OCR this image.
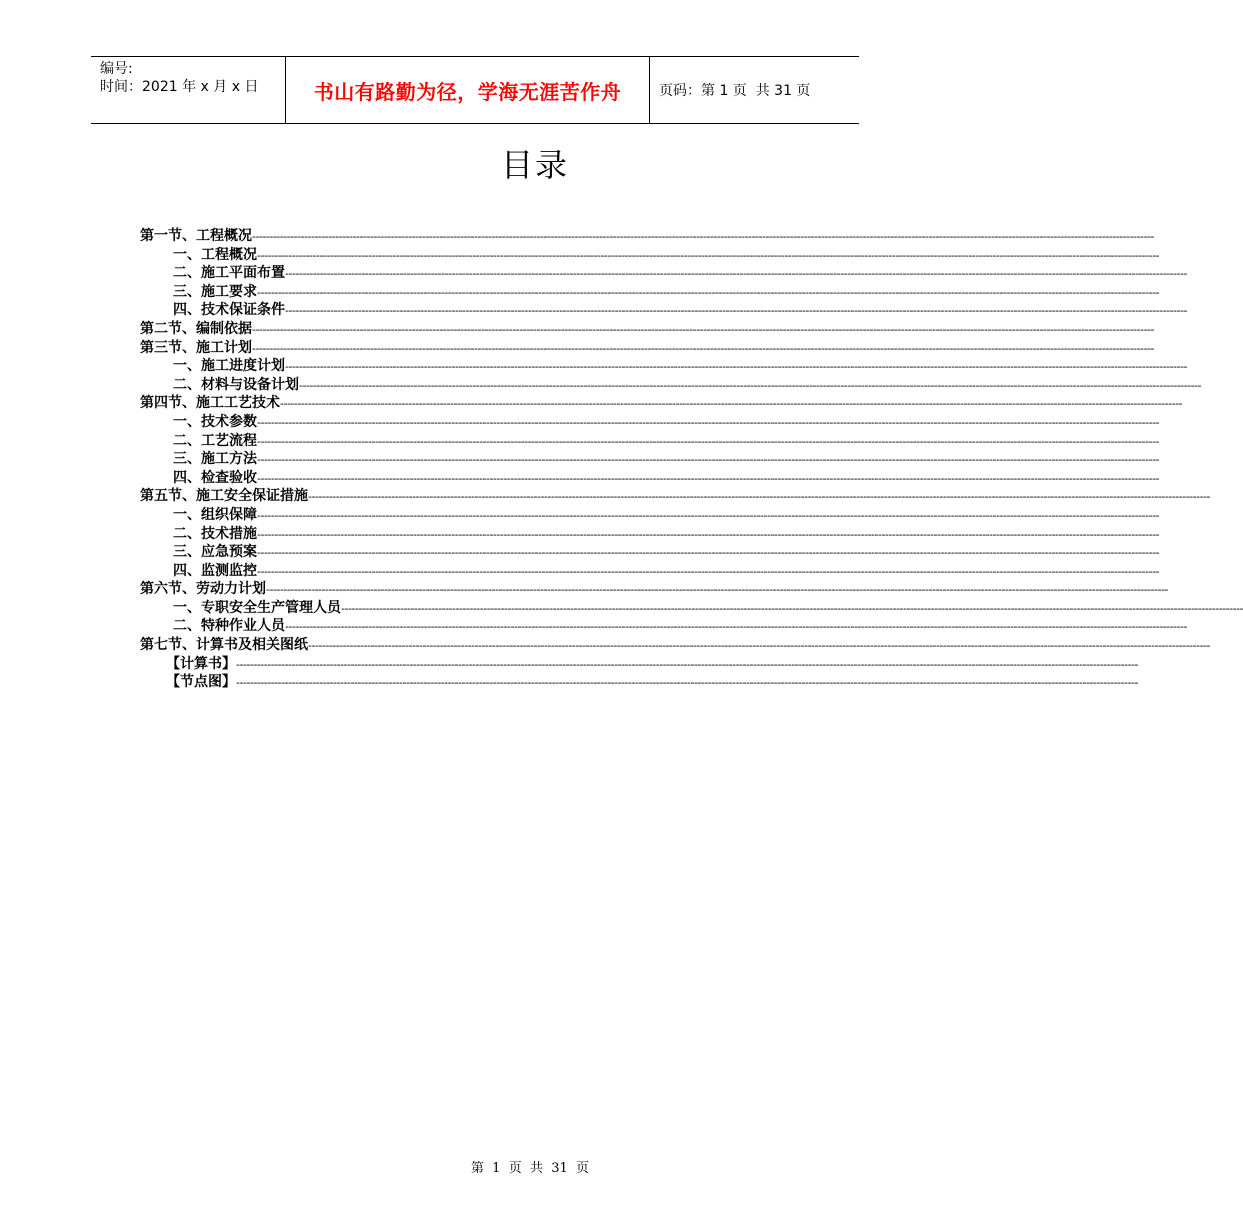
编号:
时间：2021 年 x 月 x 日	书山有路勤为径，学海无涯苦作舟	页码：第 1 页  共 31 页
目录
第一节、工程概况 --------------------------------------------------------------------------------------------------------------------------------------------------------------------------------------------------------------------------------------------------------------------
一、工程概况 --------------------------------------------------------------------------------------------------------------------------------------------------------------------------------------------------------------------------------------------------------------------
二、施工平面布置 --------------------------------------------------------------------------------------------------------------------------------------------------------------------------------------------------------------------------------------------------------------------
三、施工要求 --------------------------------------------------------------------------------------------------------------------------------------------------------------------------------------------------------------------------------------------------------------------
四、技术保证条件 --------------------------------------------------------------------------------------------------------------------------------------------------------------------------------------------------------------------------------------------------------------------
第二节、编制依据 --------------------------------------------------------------------------------------------------------------------------------------------------------------------------------------------------------------------------------------------------------------------
第三节、施工计划 --------------------------------------------------------------------------------------------------------------------------------------------------------------------------------------------------------------------------------------------------------------------
一、施工进度计划 --------------------------------------------------------------------------------------------------------------------------------------------------------------------------------------------------------------------------------------------------------------------
二、材料与设备计划 --------------------------------------------------------------------------------------------------------------------------------------------------------------------------------------------------------------------------------------------------------------------
第四节、施工工艺技术 --------------------------------------------------------------------------------------------------------------------------------------------------------------------------------------------------------------------------------------------------------------------
一、技术参数 --------------------------------------------------------------------------------------------------------------------------------------------------------------------------------------------------------------------------------------------------------------------
二、工艺流程 --------------------------------------------------------------------------------------------------------------------------------------------------------------------------------------------------------------------------------------------------------------------
三、施工方法 --------------------------------------------------------------------------------------------------------------------------------------------------------------------------------------------------------------------------------------------------------------------
四、检查验收 --------------------------------------------------------------------------------------------------------------------------------------------------------------------------------------------------------------------------------------------------------------------
第五节、施工安全保证措施 --------------------------------------------------------------------------------------------------------------------------------------------------------------------------------------------------------------------------------------------------------------------
一、组织保障 --------------------------------------------------------------------------------------------------------------------------------------------------------------------------------------------------------------------------------------------------------------------
二、技术措施 --------------------------------------------------------------------------------------------------------------------------------------------------------------------------------------------------------------------------------------------------------------------
三、应急预案 --------------------------------------------------------------------------------------------------------------------------------------------------------------------------------------------------------------------------------------------------------------------
四、监测监控 --------------------------------------------------------------------------------------------------------------------------------------------------------------------------------------------------------------------------------------------------------------------
第六节、劳动力计划 --------------------------------------------------------------------------------------------------------------------------------------------------------------------------------------------------------------------------------------------------------------------
一、专职安全生产管理人员 --------------------------------------------------------------------------------------------------------------------------------------------------------------------------------------------------------------------------------------------------------------------
二、特种作业人员 --------------------------------------------------------------------------------------------------------------------------------------------------------------------------------------------------------------------------------------------------------------------
第七节、计算书及相关图纸 --------------------------------------------------------------------------------------------------------------------------------------------------------------------------------------------------------------------------------------------------------------------
【计算书】 --------------------------------------------------------------------------------------------------------------------------------------------------------------------------------------------------------------------------------------------------------------------
【节点图】 --------------------------------------------------------------------------------------------------------------------------------------------------------------------------------------------------------------------------------------------------------------------
第  1  页  共  31  页
